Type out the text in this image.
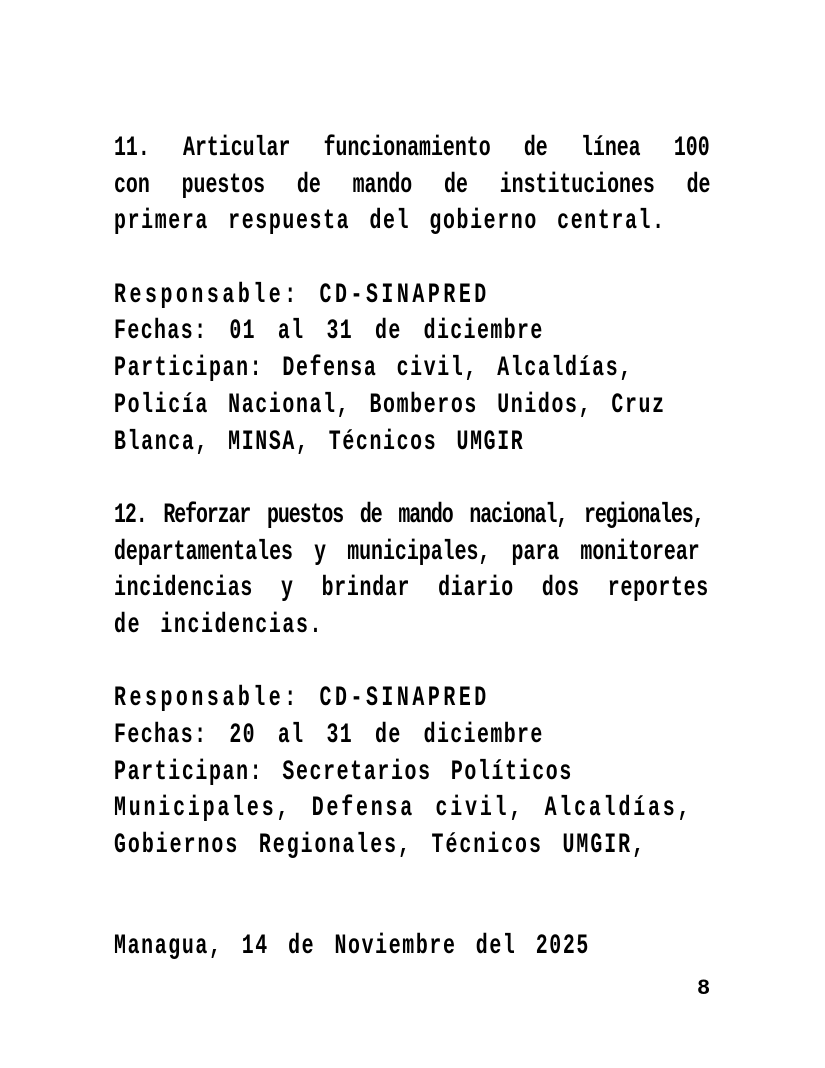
11. Articular funcionamiento de línea 100
con puestos de mando de instituciones de
primera respuesta del gobierno central.
Responsable: CD-SINAPRED
Fechas: 01 al 31 de diciembre
Participan: Defensa civil, Alcaldías,
Policía Nacional, Bomberos Unidos, Cruz
Blanca, MINSA, Técnicos UMGIR
12. Reforzar puestos de mando nacional, regionales,
departamentales y municipales, para monitorear
incidencias y brindar diario dos reportes
de incidencias.
Responsable: CD-SINAPRED
Fechas: 20 al 31 de diciembre
Participan: Secretarios Políticos
Municipales, Defensa civil, Alcaldías,
Gobiernos Regionales, Técnicos UMGIR,
Managua, 14 de Noviembre del 2025
8
